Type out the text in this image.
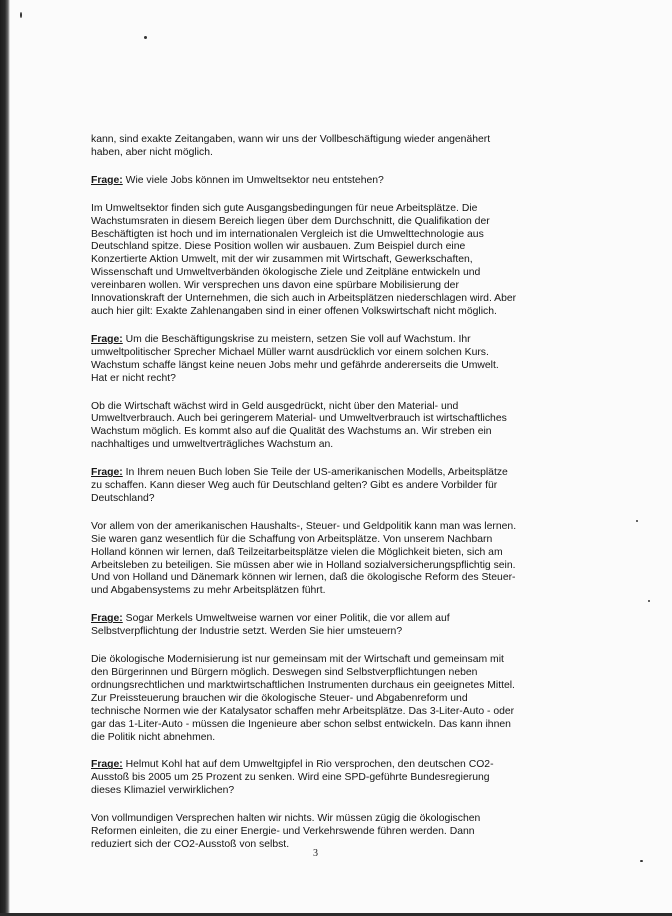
kann, sind exakte Zeitangaben, wann wir uns der Vollbeschäftigung wieder angenähert
haben, aber nicht möglich.

Frage: Wie viele Jobs können im Umweltsektor neu entstehen?

Im Umweltsektor finden sich gute Ausgangsbedingungen für neue Arbeitsplätze. Die
Wachstumsraten in diesem Bereich liegen über dem Durchschnitt, die Qualifikation der
Beschäftigten ist hoch und im internationalen Vergleich ist die Umwelttechnologie aus
Deutschland spitze. Diese Position wollen wir ausbauen. Zum Beispiel durch eine
Konzertierte Aktion Umwelt, mit der wir zusammen mit Wirtschaft, Gewerkschaften,
Wissenschaft und Umweltverbänden ökologische Ziele und Zeitpläne entwickeln und
vereinbaren wollen. Wir versprechen uns davon eine spürbare Mobilisierung der
Innovationskraft der Unternehmen, die sich auch in Arbeitsplätzen niederschlagen wird. Aber
auch hier gilt: Exakte Zahlenangaben sind in einer offenen Volkswirtschaft nicht möglich.

Frage: Um die Beschäftigungskrise zu meistern, setzen Sie voll auf Wachstum. Ihr
umweltpolitischer Sprecher Michael Müller warnt ausdrücklich vor einem solchen Kurs.
Wachstum schaffe längst keine neuen Jobs mehr und gefährde andererseits die Umwelt.
Hat er nicht recht?

Ob die Wirtschaft wächst wird in Geld ausgedrückt, nicht über den Material- und
Umweltverbrauch. Auch bei geringerem Material- und Umweltverbrauch ist wirtschaftliches
Wachstum möglich. Es kommt also auf die Qualität des Wachstums an. Wir streben ein
nachhaltiges und umweltverträgliches Wachstum an.

Frage: In Ihrem neuen Buch loben Sie Teile der US-amerikanischen Modells, Arbeitsplätze
zu schaffen. Kann dieser Weg auch für Deutschland gelten? Gibt es andere Vorbilder für
Deutschland?

Vor allem von der amerikanischen Haushalts-, Steuer- und Geldpolitik kann man was lernen.
Sie waren ganz wesentlich für die Schaffung von Arbeitsplätze. Von unserem Nachbarn
Holland können wir lernen, daß Teilzeitarbeitsplätze vielen die Möglichkeit bieten, sich am
Arbeitsleben zu beteiligen. Sie müssen aber wie in Holland sozialversicherungspflichtig sein.
Und von Holland und Dänemark können wir lernen, daß die ökologische Reform des Steuer-
und Abgabensystems zu mehr Arbeitsplätzen führt.

Frage: Sogar Merkels Umweltweise warnen vor einer Politik, die vor allem auf
Selbstverpflichtung der Industrie setzt. Werden Sie hier umsteuern?

Die ökologische Modernisierung ist nur gemeinsam mit der Wirtschaft und gemeinsam mit
den Bürgerinnen und Bürgern möglich. Deswegen sind Selbstverpflichtungen neben
ordnungsrechtlichen und marktwirtschaftlichen Instrumenten durchaus ein geeignetes Mittel.
Zur Preissteuerung brauchen wir die ökologische Steuer- und Abgabenreform und
technische Normen wie der Katalysator schaffen mehr Arbeitsplätze. Das 3-Liter-Auto - oder
gar das 1-Liter-Auto - müssen die Ingenieure aber schon selbst entwickeln. Das kann ihnen
die Politik nicht abnehmen.

Frage: Helmut Kohl hat auf dem Umweltgipfel in Rio versprochen, den deutschen CO2-
Ausstoß bis 2005 um 25 Prozent zu senken. Wird eine SPD-geführte Bundesregierung
dieses Klimaziel verwirklichen?

Von vollmundigen Versprechen halten wir nichts. Wir müssen zügig die ökologischen
Reformen einleiten, die zu einer Energie- und Verkehrswende führen werden. Dann
reduziert sich der CO2-Ausstoß von selbst.

3
